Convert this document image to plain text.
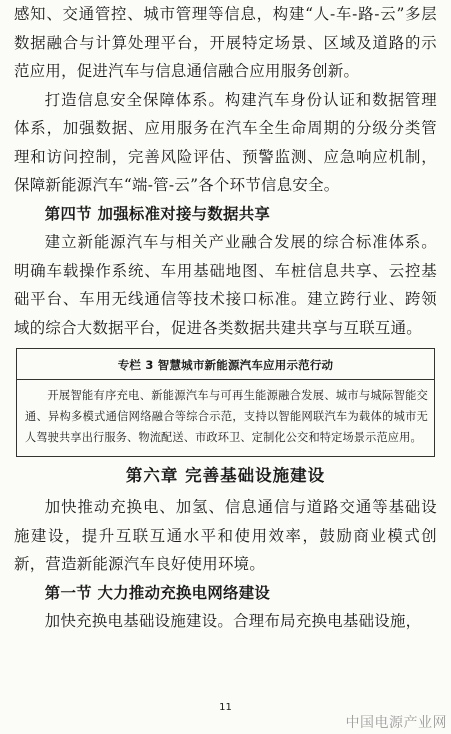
感知、交通管控、城市管理等信息，构建“人-车-路-云”多层数据融合与计算处理平台，开展特定场景、区域及道路的示范应用，促进汽车与信息通信融合应用服务创新。

打造信息安全保障体系。构建汽车身份认证和数据管理体系，加强数据、应用服务在汽车全生命周期的分级分类管理和访问控制，完善风险评估、预警监测、应急响应机制，保障新能源汽车“端-管-云”各个环节信息安全。

第四节 加强标准对接与数据共享

建立新能源汽车与相关产业融合发展的综合标准体系。明确车载操作系统、车用基础地图、车桩信息共享、云控基础平台、车用无线通信等技术接口标准。建立跨行业、跨领域的综合大数据平台，促进各类数据共建共享与互联互通。

专栏 3 智慧城市新能源汽车应用示范行动
开展智能有序充电、新能源汽车与可再生能源融合发展、城市与城际智能交通、异构多模式通信网络融合等综合示范，支持以智能网联汽车为载体的城市无人驾驶共享出行服务、物流配送、市政环卫、定制化公交和特定场景示范应用。
第六章 完善基础设施建设

加快推动充换电、加氢、信息通信与道路交通等基础设施建设，提升互联互通水平和使用效率，鼓励商业模式创新，营造新能源汽车良好使用环境。

第一节 大力推动充换电网络建设

加快充换电基础设施建设。合理布局充换电基础设施，

11
中国电源产业网
